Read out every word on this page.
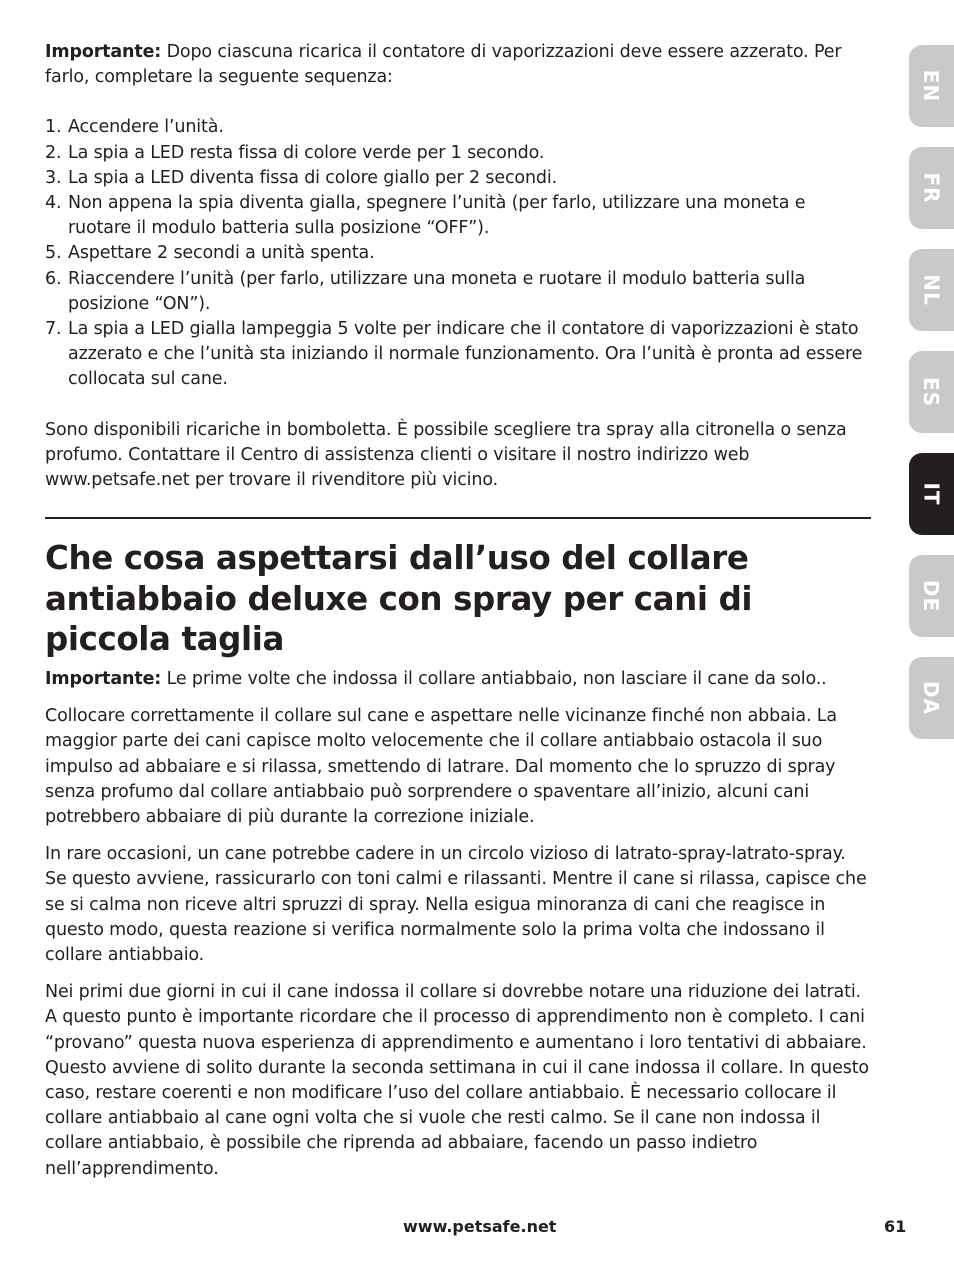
Importante: Dopo ciascuna ricarica il contatore di vaporizzazioni deve essere azzerato. Per farlo, completare la seguente sequenza:

1. Accendere l’unità.
2. La spia a LED resta fissa di colore verde per 1 secondo.
3. La spia a LED diventa fissa di colore giallo per 2 secondi.
4. Non appena la spia diventa gialla, spegnere l’unità (per farlo, utilizzare una moneta e ruotare il modulo batteria sulla posizione “OFF”).
5. Aspettare 2 secondi a unità spenta.
6. Riaccendere l’unità (per farlo, utilizzare una moneta e ruotare il modulo batteria sulla posizione “ON”).
7. La spia a LED gialla lampeggia 5 volte per indicare che il contatore di vaporizzazioni è stato azzerato e che l’unità sta iniziando il normale funzionamento. Ora l’unità è pronta ad essere collocata sul cane.

Sono disponibili ricariche in bomboletta. È possibile scegliere tra spray alla citronella o senza profumo. Contattare il Centro di assistenza clienti o visitare il nostro indirizzo web www.petsafe.net per trovare il rivenditore più vicino.

Che cosa aspettarsi dall’uso del collare antiabbaio deluxe con spray per cani di piccola taglia

Importante: Le prime volte che indossa il collare antiabbaio, non lasciare il cane da solo..

Collocare correttamente il collare sul cane e aspettare nelle vicinanze finché non abbaia. La maggior parte dei cani capisce molto velocemente che il collare antiabbaio ostacola il suo impulso ad abbaiare e si rilassa, smettendo di latrare. Dal momento che lo spruzzo di spray senza profumo dal collare antiabbaio può sorprendere o spaventare all’inizio, alcuni cani potrebbero abbaiare di più durante la correzione iniziale.

In rare occasioni, un cane potrebbe cadere in un circolo vizioso di latrato-spray-latrato-spray. Se questo avviene, rassicurarlo con toni calmi e rilassanti. Mentre il cane si rilassa, capisce che se si calma non riceve altri spruzzi di spray. Nella esigua minoranza di cani che reagisce in questo modo, questa reazione si verifica normalmente solo la prima volta che indossano il collare antiabbaio.

Nei primi due giorni in cui il cane indossa il collare si dovrebbe notare una riduzione dei latrati. A questo punto è importante ricordare che il processo di apprendimento non è completo. I cani “provano” questa nuova esperienza di apprendimento e aumentano i loro tentativi di abbaiare. Questo avviene di solito durante la seconda settimana in cui il cane indossa il collare. In questo caso, restare coerenti e non modificare l’uso del collare antiabbaio. È necessario collocare il collare antiabbaio al cane ogni volta che si vuole che resti calmo. Se il cane non indossa il collare antiabbaio, è possibile che riprenda ad abbaiare, facendo un passo indietro nell’apprendimento.

EN
FR
NL
ES
IT
DE
DA
www.petsafe.net	61
